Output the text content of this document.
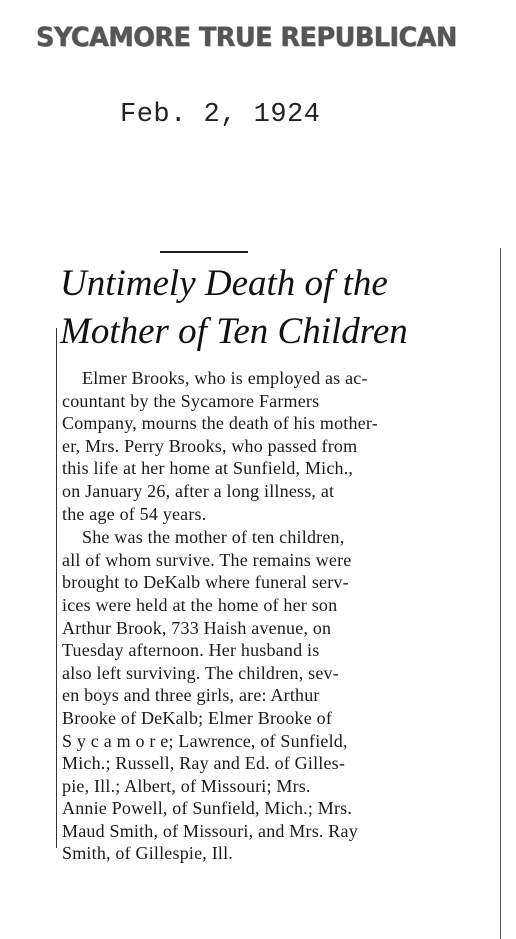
SYCAMORE TRUE REPUBLICAN
Feb. 2, 1924
Untimely Death of the
Mother of Ten Children

Elmer Brooks, who is employed as ac-
countant by the Sycamore Farmers
Company, mourns the death of his mother-
er, Mrs. Perry Brooks, who passed from
this life at her home at Sunfield, Mich.,
on January 26, after a long illness, at
the age of 54 years.

She was the mother of ten children,
all of whom survive. The remains were
brought to DeKalb where funeral serv-
ices were held at the home of her son
Arthur Brook, 733 Haish avenue, on
Tuesday afternoon. Her husband is
also left surviving. The children, sev-
en boys and three girls, are: Arthur
Brooke of DeKalb; Elmer Brooke of
S y c a m o r e; Lawrence, of Sunfield,
Mich.; Russell, Ray and Ed. of Gilles-
pie, Ill.; Albert, of Missouri; Mrs.
Annie Powell, of Sunfield, Mich.; Mrs.
Maud Smith, of Missouri, and Mrs. Ray
Smith, of Gillespie, Ill.
